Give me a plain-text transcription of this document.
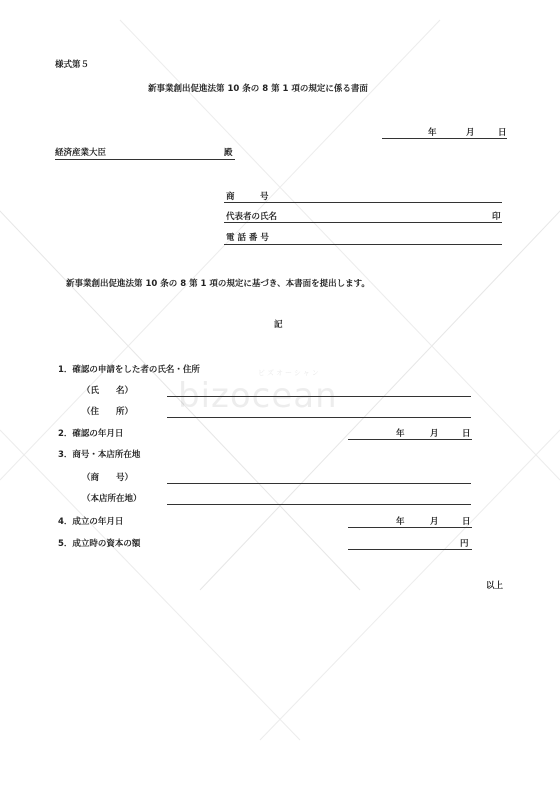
ビズオーシャン
bizocean
様式第５
新事業創出促進法第 10 条の 8 第 1 項の規定に係る書面
年	月	日
経済産業大臣	殿
商　　　号
代表者の氏名	印
電 話 番 号
新事業創出促進法第 10 条の 8 第 1 項の規定に基づき、本書面を提出します。
記
1．確認の申請をした者の氏名・住所
（氏　　名）
（住　　所）
2．確認の年月日	年	月	日
3．商号・本店所在地
（商　　号）
（本店所在地）
4．成立の年月日	年	月	日
5．成立時の資本の額	円
以上
